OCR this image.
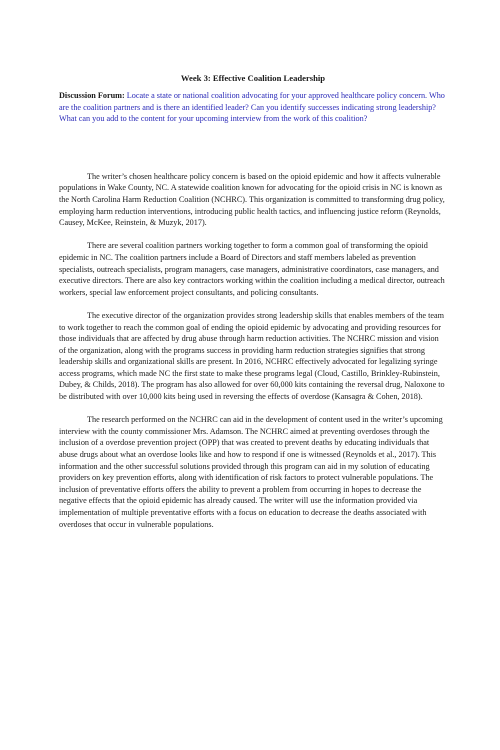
Week 3: Effective Coalition Leadership

Discussion Forum: Locate a state or national coalition advocating for your approved healthcare policy concern. Who are the coalition partners and is there an identified leader? Can you identify successes indicating strong leadership? What can you add to the content for your upcoming interview from the work of this coalition?

The writer’s chosen healthcare policy concern is based on the opioid epidemic and how it affects vulnerable populations in Wake County, NC. A statewide coalition known for advocating for the opioid crisis in NC is known as the North Carolina Harm Reduction Coalition (NCHRC). This organization is committed to transforming drug policy, employing harm reduction interventions, introducing public health tactics, and influencing justice reform (Reynolds, Causey, McKee, Reinstein, & Muzyk, 2017).

There are several coalition partners working together to form a common goal of transforming the opioid epidemic in NC. The coalition partners include a Board of Directors and staff members labeled as prevention specialists, outreach specialists, program managers, case managers, administrative coordinators, case managers, and executive directors. There are also key contractors working within the coalition including a medical director, outreach workers, special law enforcement project consultants, and policing consultants.

The executive director of the organization provides strong leadership skills that enables members of the team to work together to reach the common goal of ending the opioid epidemic by advocating and providing resources for those individuals that are affected by drug abuse through harm reduction activities. The NCHRC mission and vision of the organization, along with the programs success in providing harm reduction strategies signifies that strong leadership skills and organizational skills are present. In 2016, NCHRC effectively advocated for legalizing syringe access programs, which made NC the first state to make these programs legal (Cloud, Castillo, Brinkley-Rubinstein, Dubey, & Childs, 2018). The program has also allowed for over 60,000 kits containing the reversal drug, Naloxone to be distributed with over 10,000 kits being used in reversing the effects of overdose (Kansagra & Cohen, 2018).

The research performed on the NCHRC can aid in the development of content used in the writer’s upcoming interview with the county commissioner Mrs. Adamson. The NCHRC aimed at preventing overdoses through the inclusion of a overdose prevention project (OPP) that was created to prevent deaths by educating individuals that abuse drugs about what an overdose looks like and how to respond if one is witnessed (Reynolds et al., 2017). This information and the other successful solutions provided through this program can aid in my solution of educating providers on key prevention efforts, along with identification of risk factors to protect vulnerable populations. The inclusion of preventative efforts offers the ability to prevent a problem from occurring in hopes to decrease the negative effects that the opioid epidemic has already caused. The writer will use the information provided via implementation of multiple preventative efforts with a focus on education to decrease the deaths associated with overdoses that occur in vulnerable populations.
